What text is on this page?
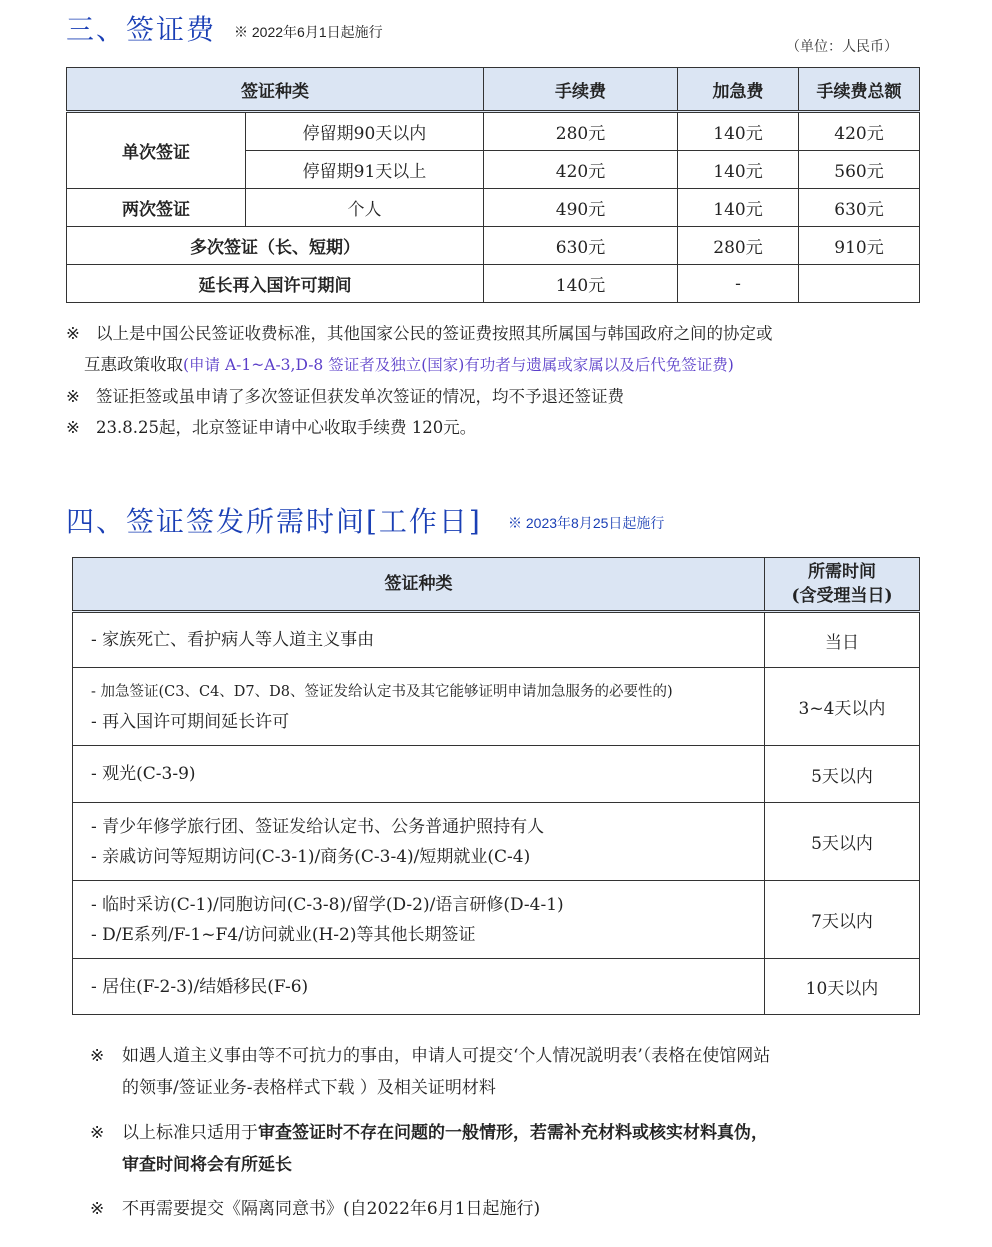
三、签证费 ※ 2022年6月1日起施行
（单位：人民币）
签证种类		手续费	加急费	手续费总额
单次签证	停留期90天以内	280元	140元	420元
	停留期91天以上	420元	140元	560元
两次签证	个人	490元	140元	630元
多次签证（长、短期）		630元	280元	910元
延长再入国许可期间		140元	-	
※ 以上是中国公民签证收费标准，其他国家公民的签证费按照其所属国与韩国政府之间的协定或
互惠政策收取(申请 A-1~A-3,D-8 签证者及独立(国家)有功者与遗属或家属以及后代免签证费)
※ 签证拒签或虽申请了多次签证但获发单次签证的情况，均不予退还签证费
※ 23.8.25起，北京签证申请中心收取手续费 120元。
四、签证签发所需时间[工作日] ※ 2023年8月25日起施行
签证种类	所需时间
(含受理当日)

- 家族死亡、看护病人等人道主义事由	当日

- 加急签证(C3、C4、D7、D8、签证发给认定书及其它能够证明申请加急服务的必要性的)
- 再入国许可期间延长许可	3~4天以内

- 观光(C-3-9)	5天以内

- 青少年修学旅行团、签证发给认定书、公务普通护照持有人
- 亲戚访问等短期访问(C-3-1)/商务(C-3-4)/短期就业(C-4)	5天以内

- 临时采访(C-1)/同胞访问(C-3-8)/留学(D-2)/语言研修(D-4-1)
- D/E系列/F-1~F4/访问就业(H-2)等其他长期签证	7天以内

- 居住(F-2-3)/结婚移民(F-6)	10天以内
※ 如遇人道主义事由等不可抗力的事由，申请人可提交‘个人情况説明表’（表格在使馆网站
的领事/签证业务-表格样式下载 ）及相关证明材料
※ 以上标准只适用于审查签证时不存在问题的一般情形，若需补充材料或核实材料真伪，
审查时间将会有所延长
※ 不再需要提交《隔离同意书》(自2022年6月1日起施行)
